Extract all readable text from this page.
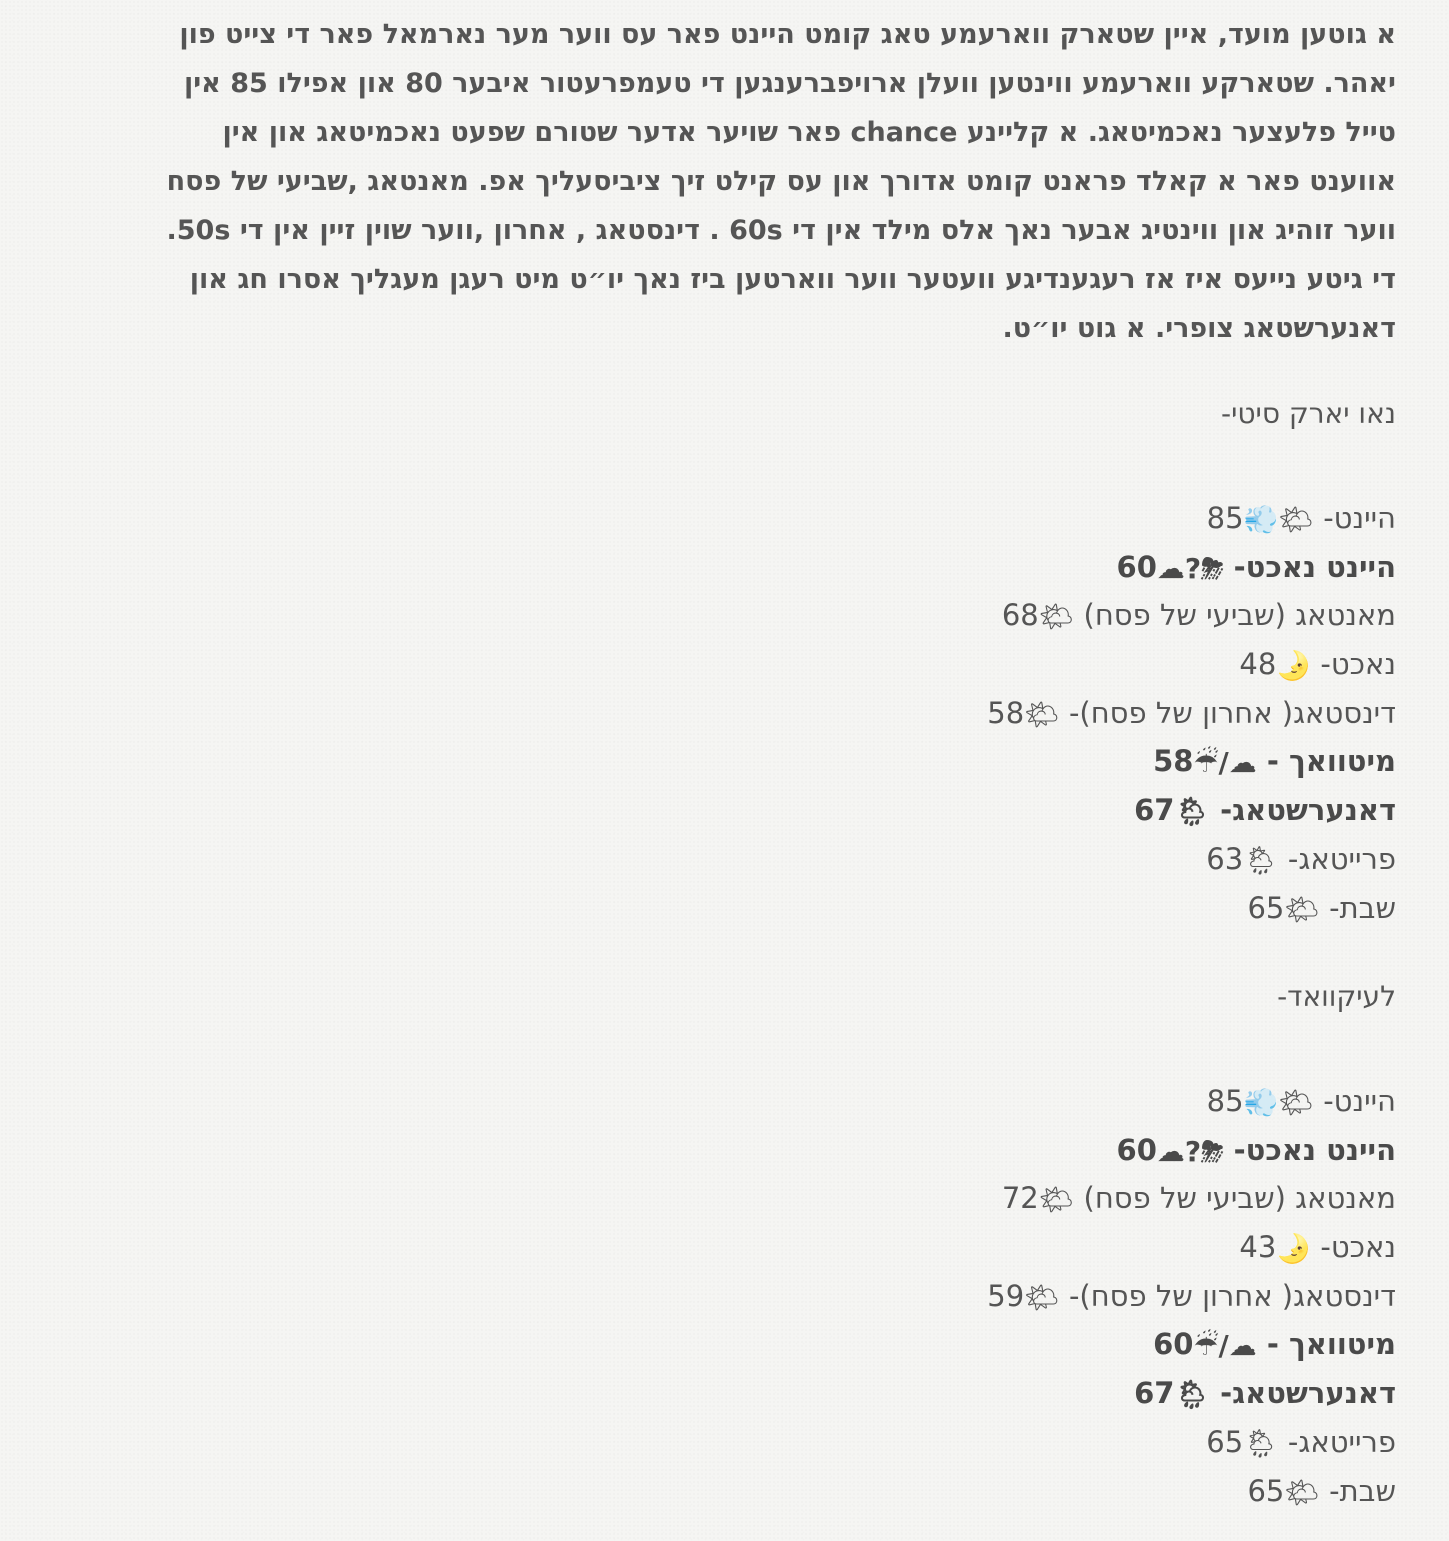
א גוטען מועד, איין שטארק ווארעמע טאג קומט היינט פאר עס ווער מער נארמאל פאר די צייט פון
יאהר. שטארקע ווארעמע ווינטען וועלן ארויפברענגען די טעמפרעטור איבער 80 און אפילו 85 אין
טייל פלעצער נאכמיטאג. א קליינע chance פאר שויער אדער שטורם שפעט נאכמיטאג און אין
אווענט פאר א קאלד פראנט קומט אדורך און עס קילט זיך ציביסעליך אפ. מאנטאג ,שביעי של פסח
ווער זוהיג און ווינטיג אבער נאך אלס מילד אין די 60s . דינסטאג , אחרון ,ווער שוין זיין אין די 50s.
די גיטע נייעס איז אז רעגענדיגע וועטער ווער ווארטען ביז נאך יו״ט מיט רעגן מעגליך אסרו חג און
דאנערשטאג צופרי. א גוט יו״ט.
נאו יארק סיטי-
היינט- 🌤💨85
היינט נאכט- ⛈?☁60
מאנטאג (שביעי של פסח) 🌤68
נאכט- 🌛48
דינסטאג( אחרון של פסח)- 🌤58
מיטוואך - ☁/☔58
דאנערשטאג- 🌦67
פרייטאג- 🌦63
שבת- 🌤65
לעיקוואד-
היינט- 🌤💨85
היינט נאכט- ⛈?☁60
מאנטאג (שביעי של פסח) 🌤72
נאכט- 🌛43
דינסטאג( אחרון של פסח)- 🌤59
מיטוואך - ☁/☔60
דאנערשטאג- 🌦67
פרייטאג- 🌦65
שבת- 🌤65
